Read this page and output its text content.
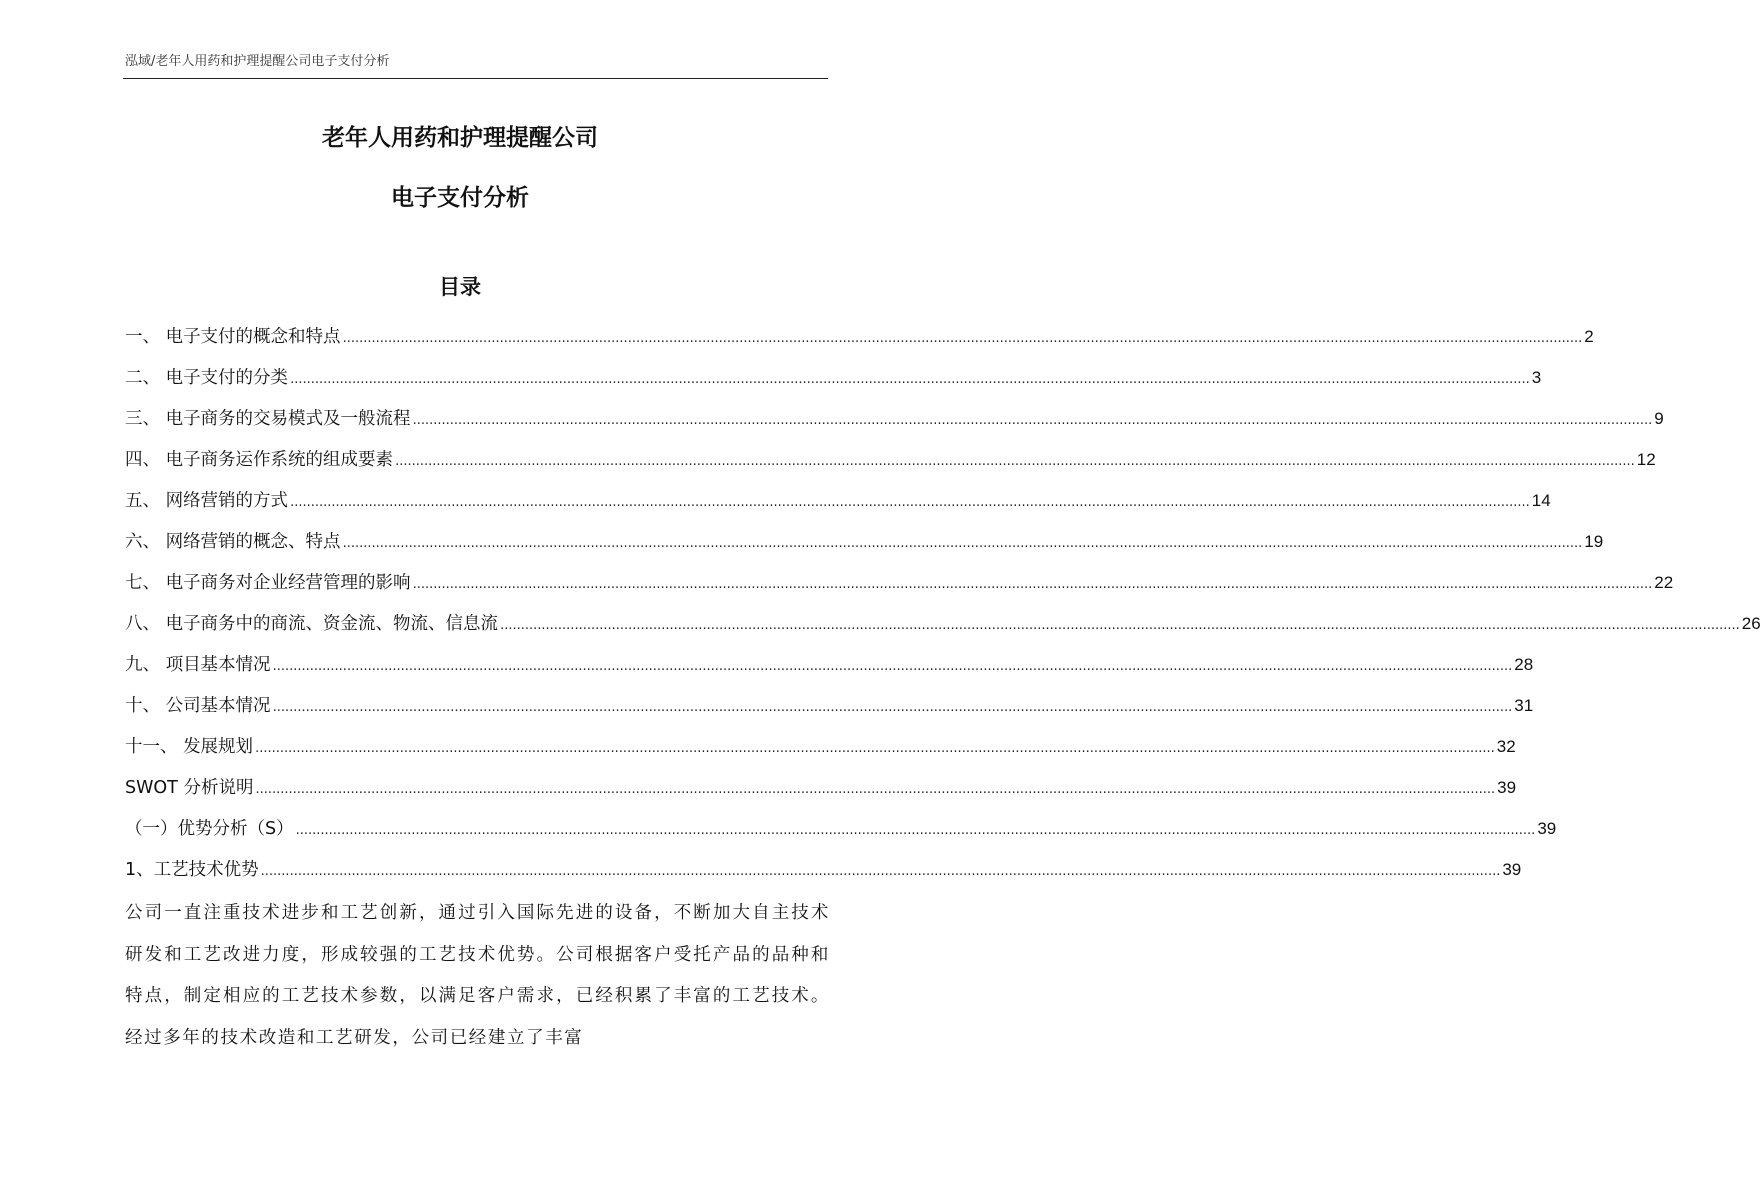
泓域/老年人用药和护理提醒公司电子支付分析
老年人用药和护理提醒公司
电子支付分析
目录
一、 电子支付的概念和特点 ............................................................................................................................................................................................................................................................................................................ 2
二、 电子支付的分类 ............................................................................................................................................................................................................................................................................................................ 3
三、 电子商务的交易模式及一般流程 ............................................................................................................................................................................................................................................................................................................ 9
四、 电子商务运作系统的组成要素 ............................................................................................................................................................................................................................................................................................................ 12
五、 网络营销的方式 ............................................................................................................................................................................................................................................................................................................ 14
六、 网络营销的概念、特点 ............................................................................................................................................................................................................................................................................................................ 19
七、 电子商务对企业经营管理的影响 ............................................................................................................................................................................................................................................................................................................ 22
八、 电子商务中的商流、资金流、物流、信息流 ............................................................................................................................................................................................................................................................................................................ 26
九、 项目基本情况 ............................................................................................................................................................................................................................................................................................................ 28
十、 公司基本情况 ............................................................................................................................................................................................................................................................................................................ 31
十一、 发展规划 ............................................................................................................................................................................................................................................................................................................ 32
SWOT 分析说明 ............................................................................................................................................................................................................................................................................................................ 39
（一）优势分析（S） ............................................................................................................................................................................................................................................................................................................ 39
1、工艺技术优势 ............................................................................................................................................................................................................................................................................................................ 39

公司一直注重技术进步和工艺创新，通过引入国际先进的设备，不断加大自主技术研发和工艺改进力度，形成较强的工艺技术优势。公司根据客户受托产品的品种和特点，制定相应的工艺技术参数，以满足客户需求，已经积累了丰富的工艺技术。经过多年的技术改造和工艺研发，公司已经建立了丰富
